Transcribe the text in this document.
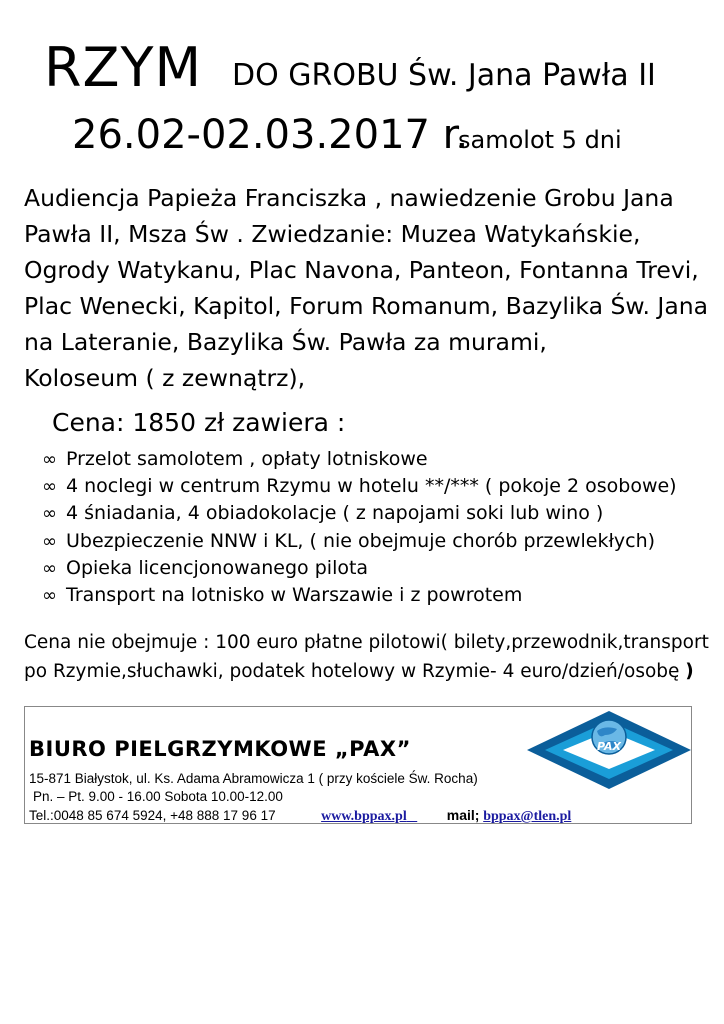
RZYM DO GROBU Św. Jana Pawła II
26.02-02.03.2017 r.
samolot 5 dni
Audiencja Papieża Franciszka , nawiedzenie Grobu Jana
Pawła II, Msza Św . Zwiedzanie: Muzea Watykańskie,
Ogrody Watykanu, Plac Navona, Panteon, Fontanna Trevi,
Plac Wenecki, Kapitol, Forum Romanum, Bazylika Św. Jana
na Lateranie, Bazylika Św. Pawła za murami,
Koloseum ( z zewnątrz),
Cena: 1850 zł zawiera :
∞ Przelot samolotem , opłaty lotniskowe
∞ 4 noclegi w centrum Rzymu w hotelu **/*** ( pokoje 2 osobowe)
∞ 4 śniadania, 4 obiadokolacje ( z napojami soki lub wino )
∞ Ubezpieczenie NNW i KL, ( nie obejmuje chorób przewlekłych)
∞ Opieka licencjonowanego pilota
∞ Transport na lotnisko w Warszawie i z powrotem
Cena nie obejmuje : 100 euro płatne pilotowi( bilety,przewodnik,transport
po Rzymie,słuchawki, podatek hotelowy w Rzymie- 4 euro/dzień/osobę )
PAX
BIURO PIELGRZYMKOWE „PAX”
15-871 Białystok, ul. Ks. Adama Abramowicza 1 ( przy kościele Św. Rocha)
Pn. – Pt. 9.00 - 16.00 Sobota 10.00-12.00
Tel.:0048 85 674 5924, +48 888 17 96 17	www.bppax.pl	mail; bppax@tlen.pl
